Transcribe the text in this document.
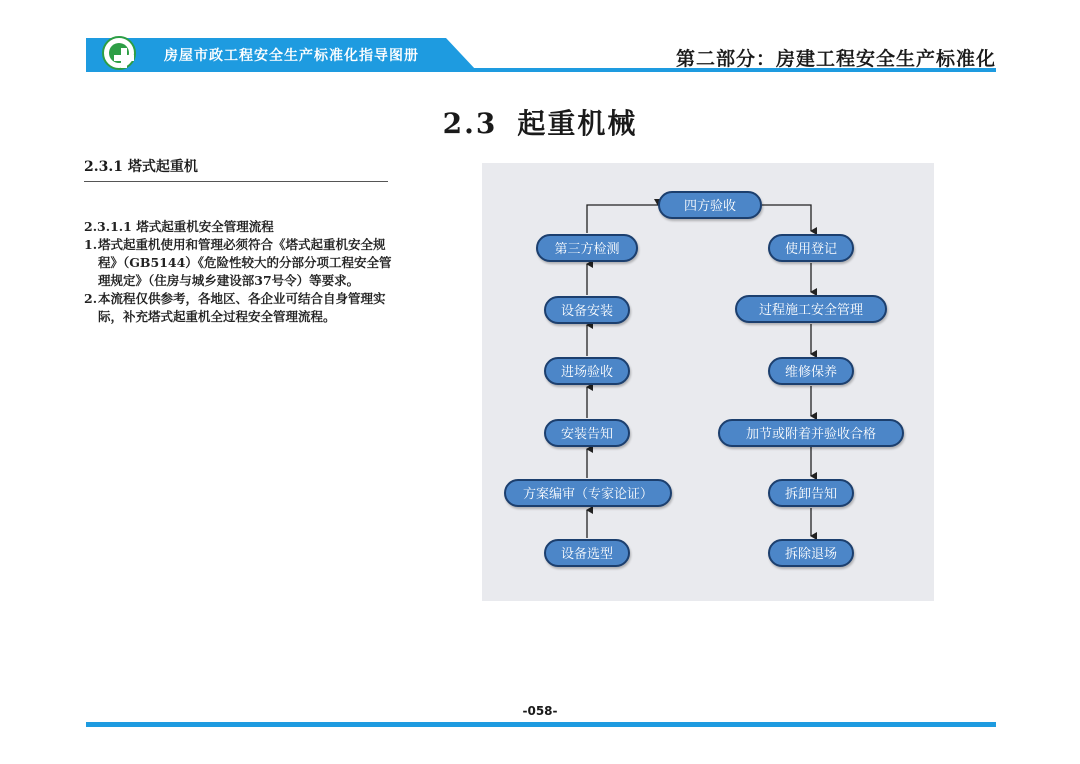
房屋市政工程安全生产标准化指导图册	第二部分：房建工程安全生产标准化
2.3 起重机械
2.3.1 塔式起重机
2.3.1.1 塔式起重机安全管理流程
1. 塔式起重机使用和管理必须符合《塔式起重机安全规程》（GB5144）《危险性较大的分部分项工程安全管理规定》（住房与城乡建设部37号令）等要求。
2. 本流程仅供参考，各地区、各企业可结合自身管理实际，补充塔式起重机全过程安全管理流程。
四方验收
第三方检测
设备安装
进场验收
安装告知
方案编审（专家论证）
设备选型
使用登记
过程施工安全管理
维修保养
加节或附着并验收合格
拆卸告知
拆除退场
-058-
